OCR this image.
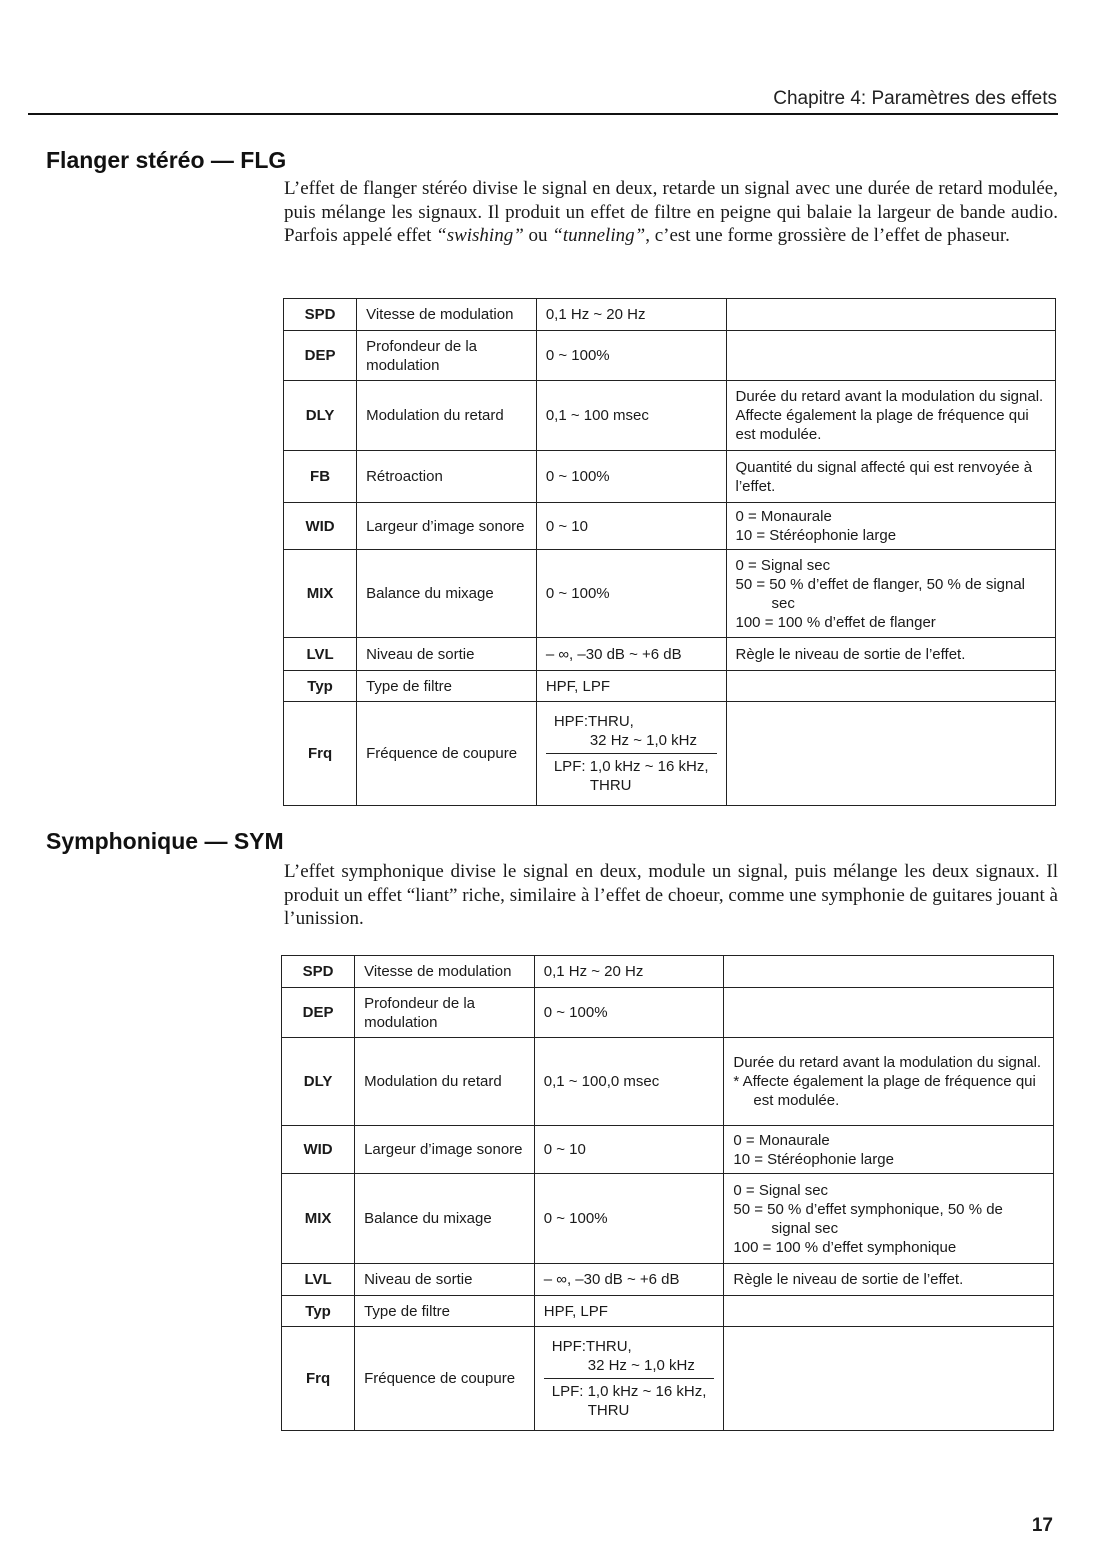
Chapitre 4: Paramètres des effets
Flanger stéréo — FLG
L’effet de flanger stéréo divise le signal en deux, retarde un signal avec une durée de retard modulée, puis mélange les signaux. Il produit un effet de filtre en peigne qui balaie la largeur de bande audio. Parfois appelé effet “swishing” ou “tunneling”, c’est une forme grossière de l’effet de phaseur.
SPD	Vitesse de modulation	0,1 Hz ~ 20 Hz	
DEP	Profondeur de la modulation	0 ~ 100%	
DLY	Modulation du retard	0,1 ~ 100 msec	Durée du retard avant la modulation du signal. Affecte également la plage de fréquence qui est modulée.
FB	Rétroaction	0 ~ 100%	Quantité du signal affecté qui est renvoyée à l’effet.
WID	Largeur d’image sonore	0 ~ 10	0 = Monaurale
10 = Stéréophonie large

MIX	Balance du mixage	0 ~ 100%	0 = Signal sec
50 = 50 % d’effet de flanger, 50 % de signal
sec
100 = 100 % d’effet de flanger

LVL	Niveau de sortie	– ∞, –30 dB ~ +6 dB	Règle le niveau de sortie de l’effet.
Typ	Type de filtre	HPF, LPF	
Frq	Fréquence de coupure	HPF:THRU,
32 Hz ~ 1,0 kHz
LPF: 1,0 kHz ~ 16 kHz,
THRU	

Symphonique — SYM
L’effet symphonique divise le signal en deux, module un signal, puis mélange les deux signaux. Il produit un effet “liant” riche, similaire à l’effet de choeur, comme une symphonie de guitares jouant à l’unission.
SPD	Vitesse de modulation	0,1 Hz ~ 20 Hz	
DEP	Profondeur de la modulation	0 ~ 100%	
DLY	Modulation du retard	0,1 ~ 100,0 msec	Durée du retard avant la modulation du signal.
* Affecte également la plage de fréquence qui est modulée.

WID	Largeur d’image sonore	0 ~ 10	0 = Monaurale
10 = Stéréophonie large

MIX	Balance du mixage	0 ~ 100%	0 = Signal sec
50 = 50 % d’effet symphonique, 50 % de
signal sec
100 = 100 % d’effet symphonique

LVL	Niveau de sortie	– ∞, –30 dB ~ +6 dB	Règle le niveau de sortie de l’effet.
Typ	Type de filtre	HPF, LPF	
Frq	Fréquence de coupure	HPF:THRU,
32 Hz ~ 1,0 kHz
LPF: 1,0 kHz ~ 16 kHz,
THRU	

17
